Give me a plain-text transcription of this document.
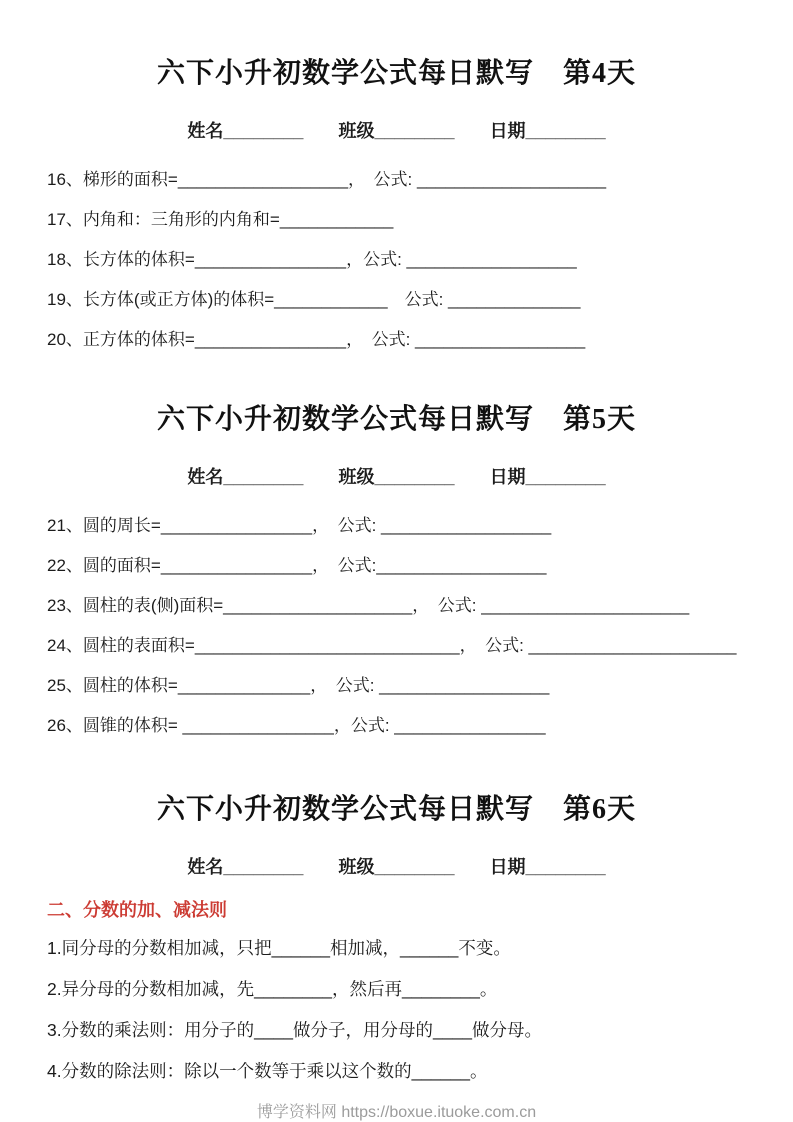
六下小升初数学公式每日默写　第4天
姓名________ 班级________ 日期________

16、梯形的面积=__________________，　公式: ____________________

17、内角和：三角形的内角和=____________

18、长方体的体积=________________，公式: __________________

19、长方体(或正方体)的体积=____________　公式: ______________

20、正方体的体积=________________，　公式: __________________

六下小升初数学公式每日默写　第5天
姓名________ 班级________ 日期________

21、圆的周长=________________，　公式: __________________

22、圆的面积=________________，　公式:__________________

23、圆柱的表(侧)面积=____________________，　公式: ______________________

24、圆柱的表面积=____________________________，　公式: ______________________

25、圆柱的体积=______________，　公式: __________________

26、圆锥的体积= ________________，公式: ________________

六下小升初数学公式每日默写　第6天
姓名________ 班级________ 日期________
二、分数的加、减法则

1.同分母的分数相加减，只把______相加减，______不变。

2.异分母的分数相加减，先________，然后再________。

3.分数的乘法则：用分子的____做分子，用分母的____做分母。

4.分数的除法则：除以一个数等于乘以这个数的______。

博学资料网 https://boxue.ituoke.com.cn
